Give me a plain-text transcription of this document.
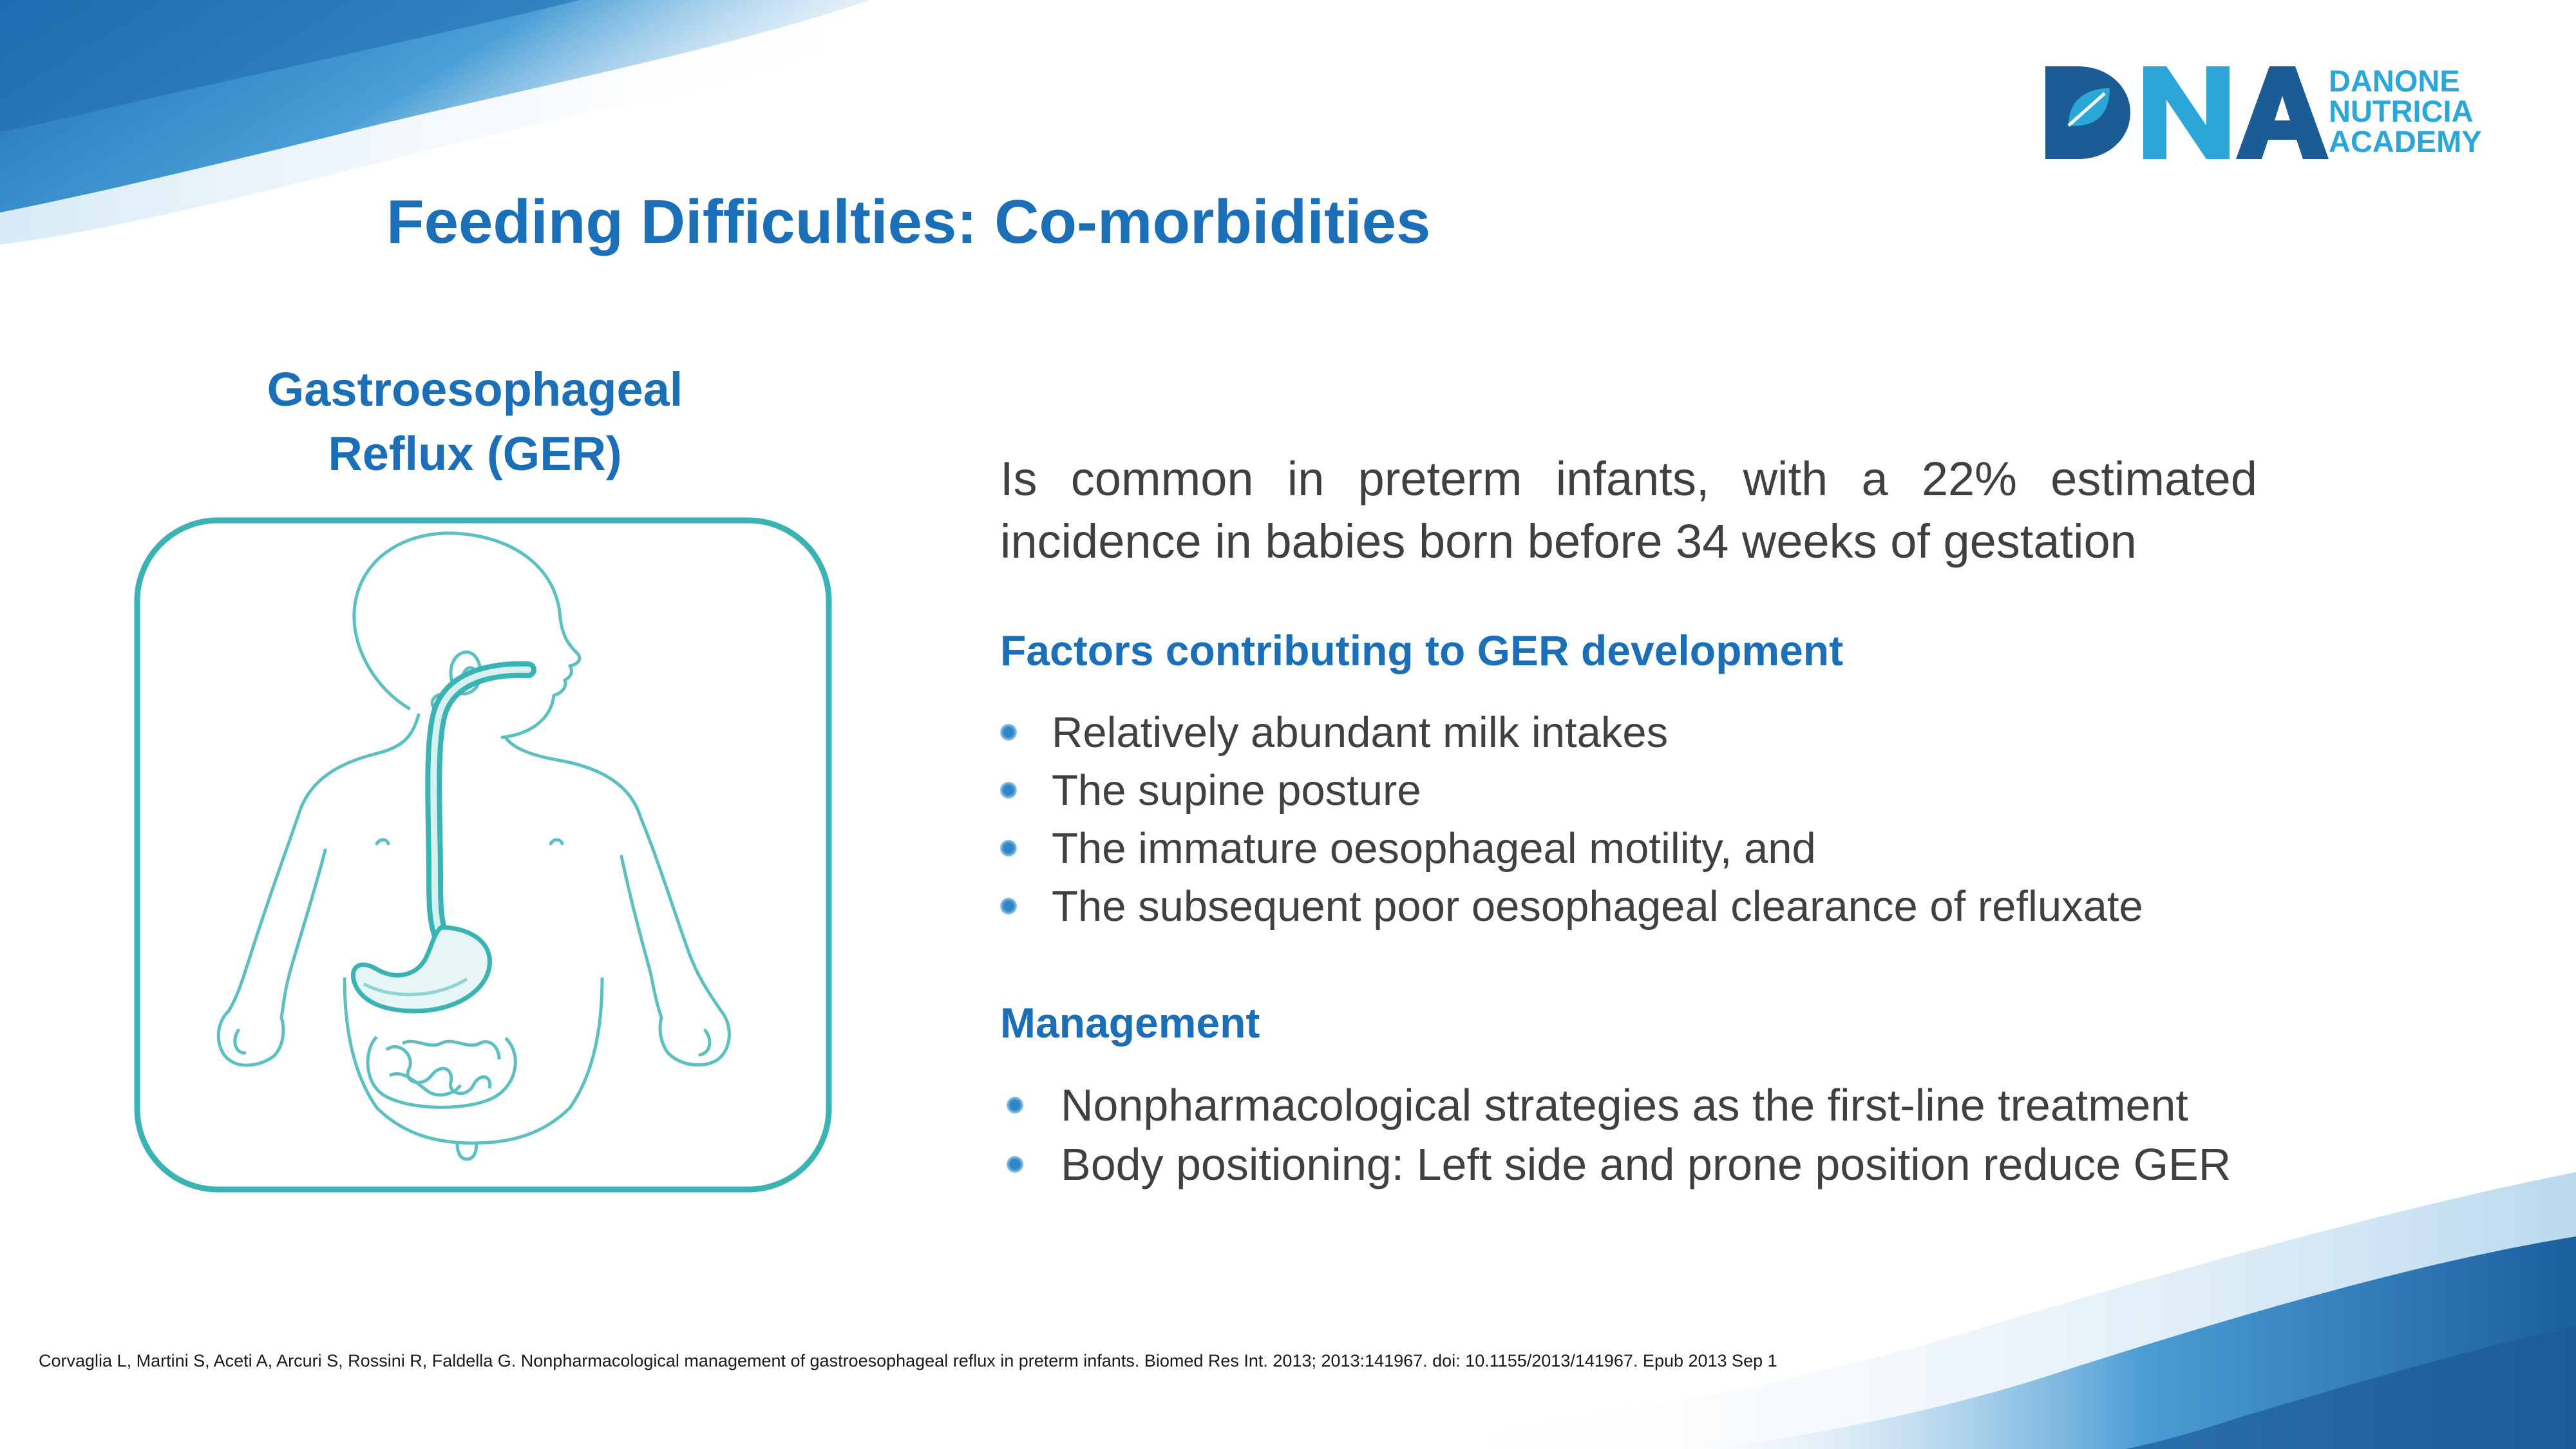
DANONE
NUTRICIA
ACADEMY
Feeding Difficulties: Co-morbidities
Gastroesophageal
Reflux (GER)	Is common in preterm infants, with a 22% estimated
incidence in babies born before 34 weeks of gestation
Factors contributing to GER development
Relatively abundant milk intakes
The supine posture
The immature oesophageal motility, and
The subsequent poor oesophageal clearance of refluxate
Management
Nonpharmacological strategies as the first-line treatment
Body positioning: Left side and prone position reduce GER
Corvaglia L, Martini S, Aceti A, Arcuri S, Rossini R, Faldella G. Nonpharmacological management of gastroesophageal reflux in preterm infants. Biomed Res Int. 2013; 2013:141967. doi: 10.1155/2013/141967. Epub 2013 Sep 1
